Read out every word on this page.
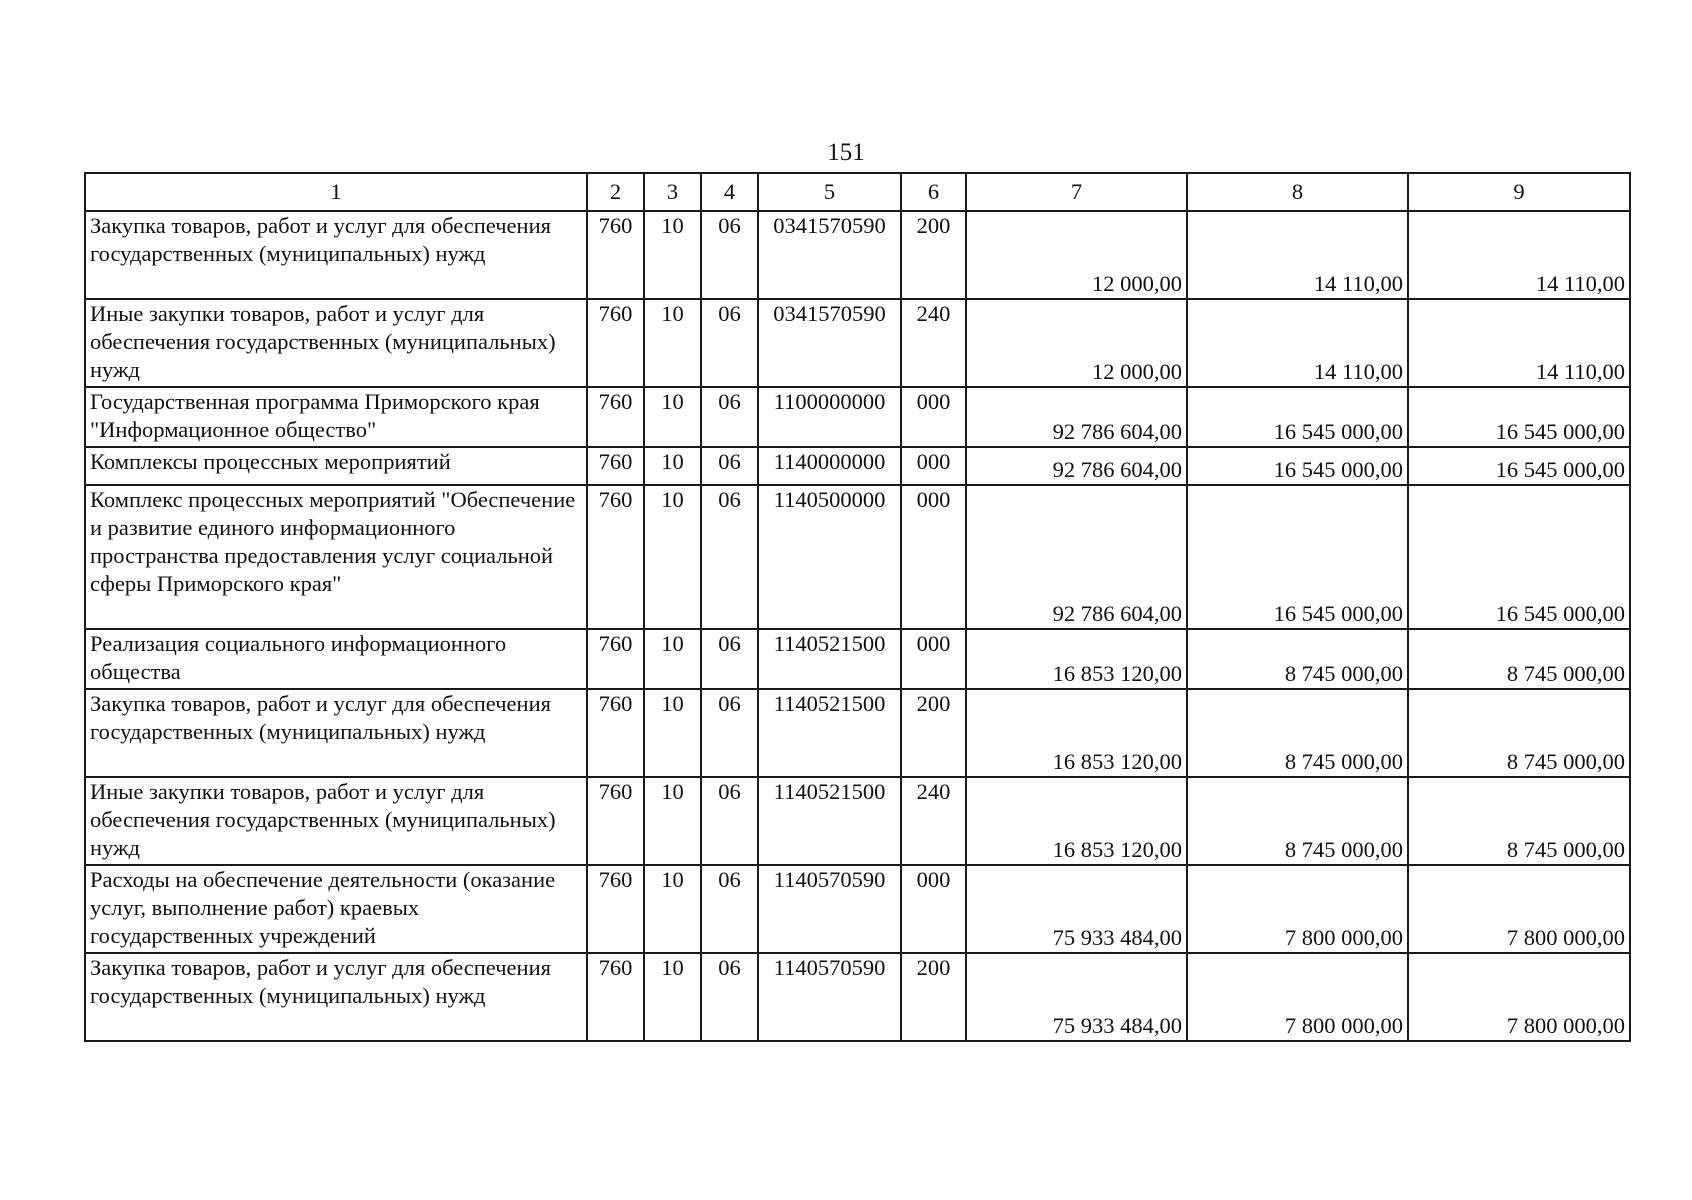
151
1	2	3	4	5	6	7	8	9
Закупка товаров, работ и услуг для обеспечения государственных (муниципальных) нужд	760	10	06	0341570590	200	12 000,00	14 110,00	14 110,00
Иные закупки товаров, работ и услуг для обеспечения государственных (муниципальных) нужд	760	10	06	0341570590	240	12 000,00	14 110,00	14 110,00
Государственная программа Приморского края "Информационное общество"	760	10	06	1100000000	000	92 786 604,00	16 545 000,00	16 545 000,00
Комплексы процессных мероприятий	760	10	06	1140000000	000	92 786 604,00	16 545 000,00	16 545 000,00
Комплекс процессных мероприятий "Обеспечение и развитие единого информационного пространства предоставления услуг социальной сферы Приморского края"	760	10	06	1140500000	000	92 786 604,00	16 545 000,00	16 545 000,00
Реализация социального информационного общества	760	10	06	1140521500	000	16 853 120,00	8 745 000,00	8 745 000,00
Закупка товаров, работ и услуг для обеспечения государственных (муниципальных) нужд	760	10	06	1140521500	200	16 853 120,00	8 745 000,00	8 745 000,00
Иные закупки товаров, работ и услуг для обеспечения государственных (муниципальных) нужд	760	10	06	1140521500	240	16 853 120,00	8 745 000,00	8 745 000,00
Расходы на обеспечение деятельности (оказание услуг, выполнение работ) краевых государственных учреждений	760	10	06	1140570590	000	75 933 484,00	7 800 000,00	7 800 000,00
Закупка товаров, работ и услуг для обеспечения государственных (муниципальных) нужд	760	10	06	1140570590	200	75 933 484,00	7 800 000,00	7 800 000,00
